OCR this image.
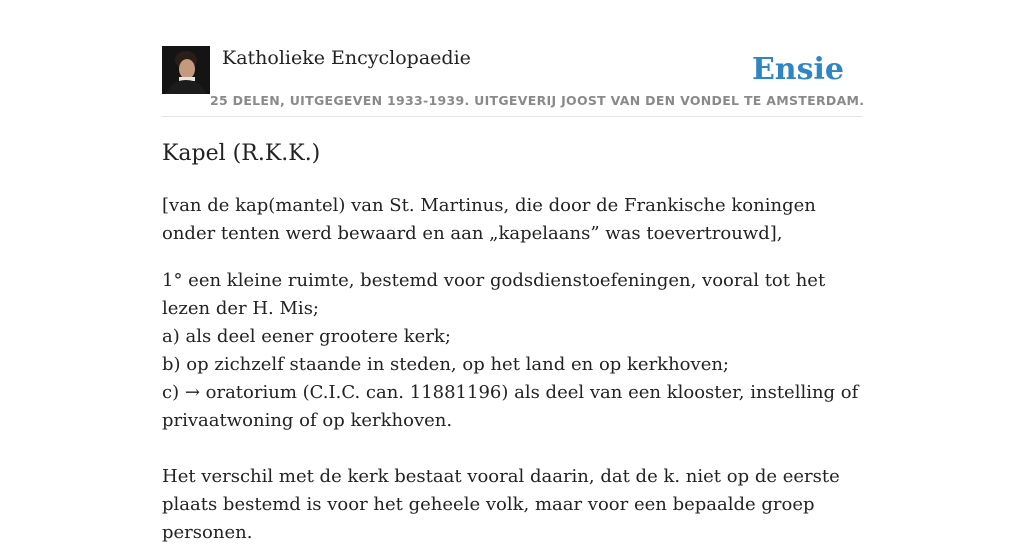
Katholieke Encyclopaedie
25 DELEN, UITGEGEVEN 1933-1939. UITGEVERIJ JOOST VAN DEN VONDEL TE AMSTERDAM.
Ensie
Kapel (R.K.K.)

[van de kap(mantel) van St. Martinus, die door de Frankische koningen onder tenten werd bewaard en aan „kapelaans” was toevertrouwd],

1° een kleine ruimte, bestemd voor godsdienstoefeningen, vooral tot het lezen der H. Mis;
a) als deel eener grootere kerk;
b) op zichzelf staande in steden, op het land en op kerkhoven;
c) → oratorium (C.I.C. can. 11881196) als deel van een klooster, instelling of privaatwoning of op kerkhoven.

Het verschil met de kerk bestaat vooral daarin, dat de k. niet op de eerste plaats bestemd is voor het geheele volk, maar voor een bepaalde groep personen.
